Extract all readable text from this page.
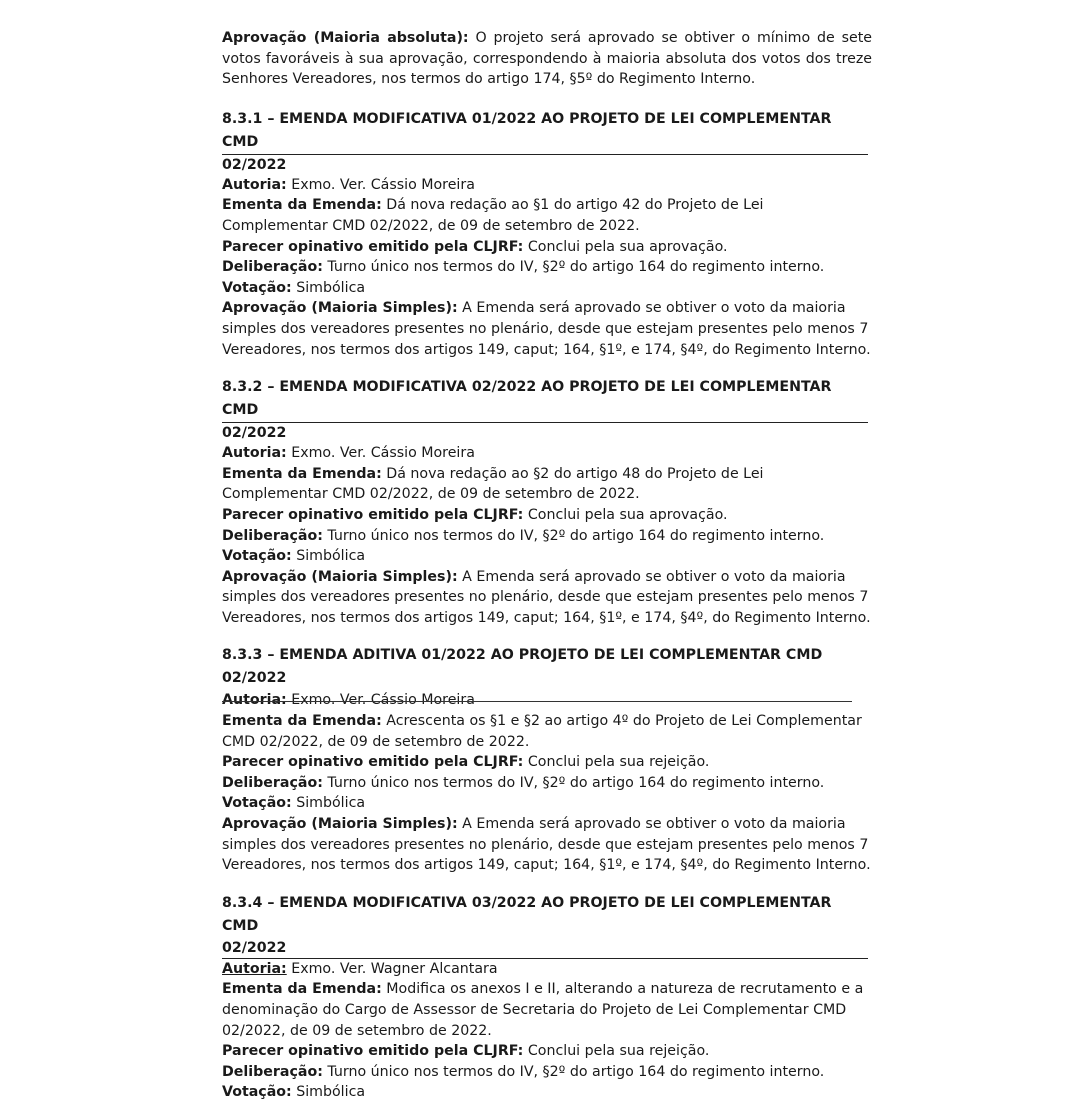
Aprovação (Maioria absoluta): O projeto será aprovado se obtiver o mínimo de sete votos favoráveis à sua aprovação, correspondendo à maioria absoluta dos votos dos treze Senhores Vereadores, nos termos do artigo 174, §5º do Regimento Interno.

8.3.1 – EMENDA MODIFICATIVA 01/2022 AO PROJETO DE LEI COMPLEMENTAR CMD

02/2022

Autoria: Exmo. Ver. Cássio Moreira

Ementa da Emenda: Dá nova redação ao §1 do artigo 42 do Projeto de Lei Complementar CMD 02/2022, de 09 de setembro de 2022.

Parecer opinativo emitido pela CLJRF: Conclui pela sua aprovação.

Deliberação: Turno único nos termos do IV, §2º do artigo 164 do regimento interno.

Votação: Simbólica

Aprovação (Maioria Simples): A Emenda será aprovado se obtiver o voto da maioria simples dos vereadores presentes no plenário, desde que estejam presentes pelo menos 7 Vereadores, nos termos dos artigos 149, caput; 164, §1º, e 174, §4º, do Regimento Interno.

8.3.2 – EMENDA MODIFICATIVA 02/2022 AO PROJETO DE LEI COMPLEMENTAR CMD

02/2022

Autoria: Exmo. Ver. Cássio Moreira

Ementa da Emenda: Dá nova redação ao §2 do artigo 48 do Projeto de Lei Complementar CMD 02/2022, de 09 de setembro de 2022.

Parecer opinativo emitido pela CLJRF: Conclui pela sua aprovação.

Deliberação: Turno único nos termos do IV, §2º do artigo 164 do regimento interno.

Votação: Simbólica

Aprovação (Maioria Simples): A Emenda será aprovado se obtiver o voto da maioria simples dos vereadores presentes no plenário, desde que estejam presentes pelo menos 7 Vereadores, nos termos dos artigos 149, caput; 164, §1º, e 174, §4º, do Regimento Interno.

8.3.3 – EMENDA ADITIVA 01/2022 AO PROJETO DE LEI COMPLEMENTAR CMD 02/2022

Autoria: Exmo. Ver. Cássio Moreira

Ementa da Emenda: Acrescenta os §1 e §2 ao artigo 4º do Projeto de Lei Complementar CMD 02/2022, de 09 de setembro de 2022.

Parecer opinativo emitido pela CLJRF: Conclui pela sua rejeição.

Deliberação: Turno único nos termos do IV, §2º do artigo 164 do regimento interno.

Votação: Simbólica

Aprovação (Maioria Simples): A Emenda será aprovado se obtiver o voto da maioria simples dos vereadores presentes no plenário, desde que estejam presentes pelo menos 7 Vereadores, nos termos dos artigos 149, caput; 164, §1º, e 174, §4º, do Regimento Interno.

8.3.4 – EMENDA MODIFICATIVA 03/2022 AO PROJETO DE LEI COMPLEMENTAR CMD

02/2022

Autoria: Exmo. Ver. Wagner Alcantara

Ementa da Emenda: Modifica os anexos I e II, alterando a natureza de recrutamento e a denominação do Cargo de Assessor de Secretaria do Projeto de Lei Complementar CMD 02/2022, de 09 de setembro de 2022.

Parecer opinativo emitido pela CLJRF: Conclui pela sua rejeição.

Deliberação: Turno único nos termos do IV, §2º do artigo 164 do regimento interno.

Votação: Simbólica
